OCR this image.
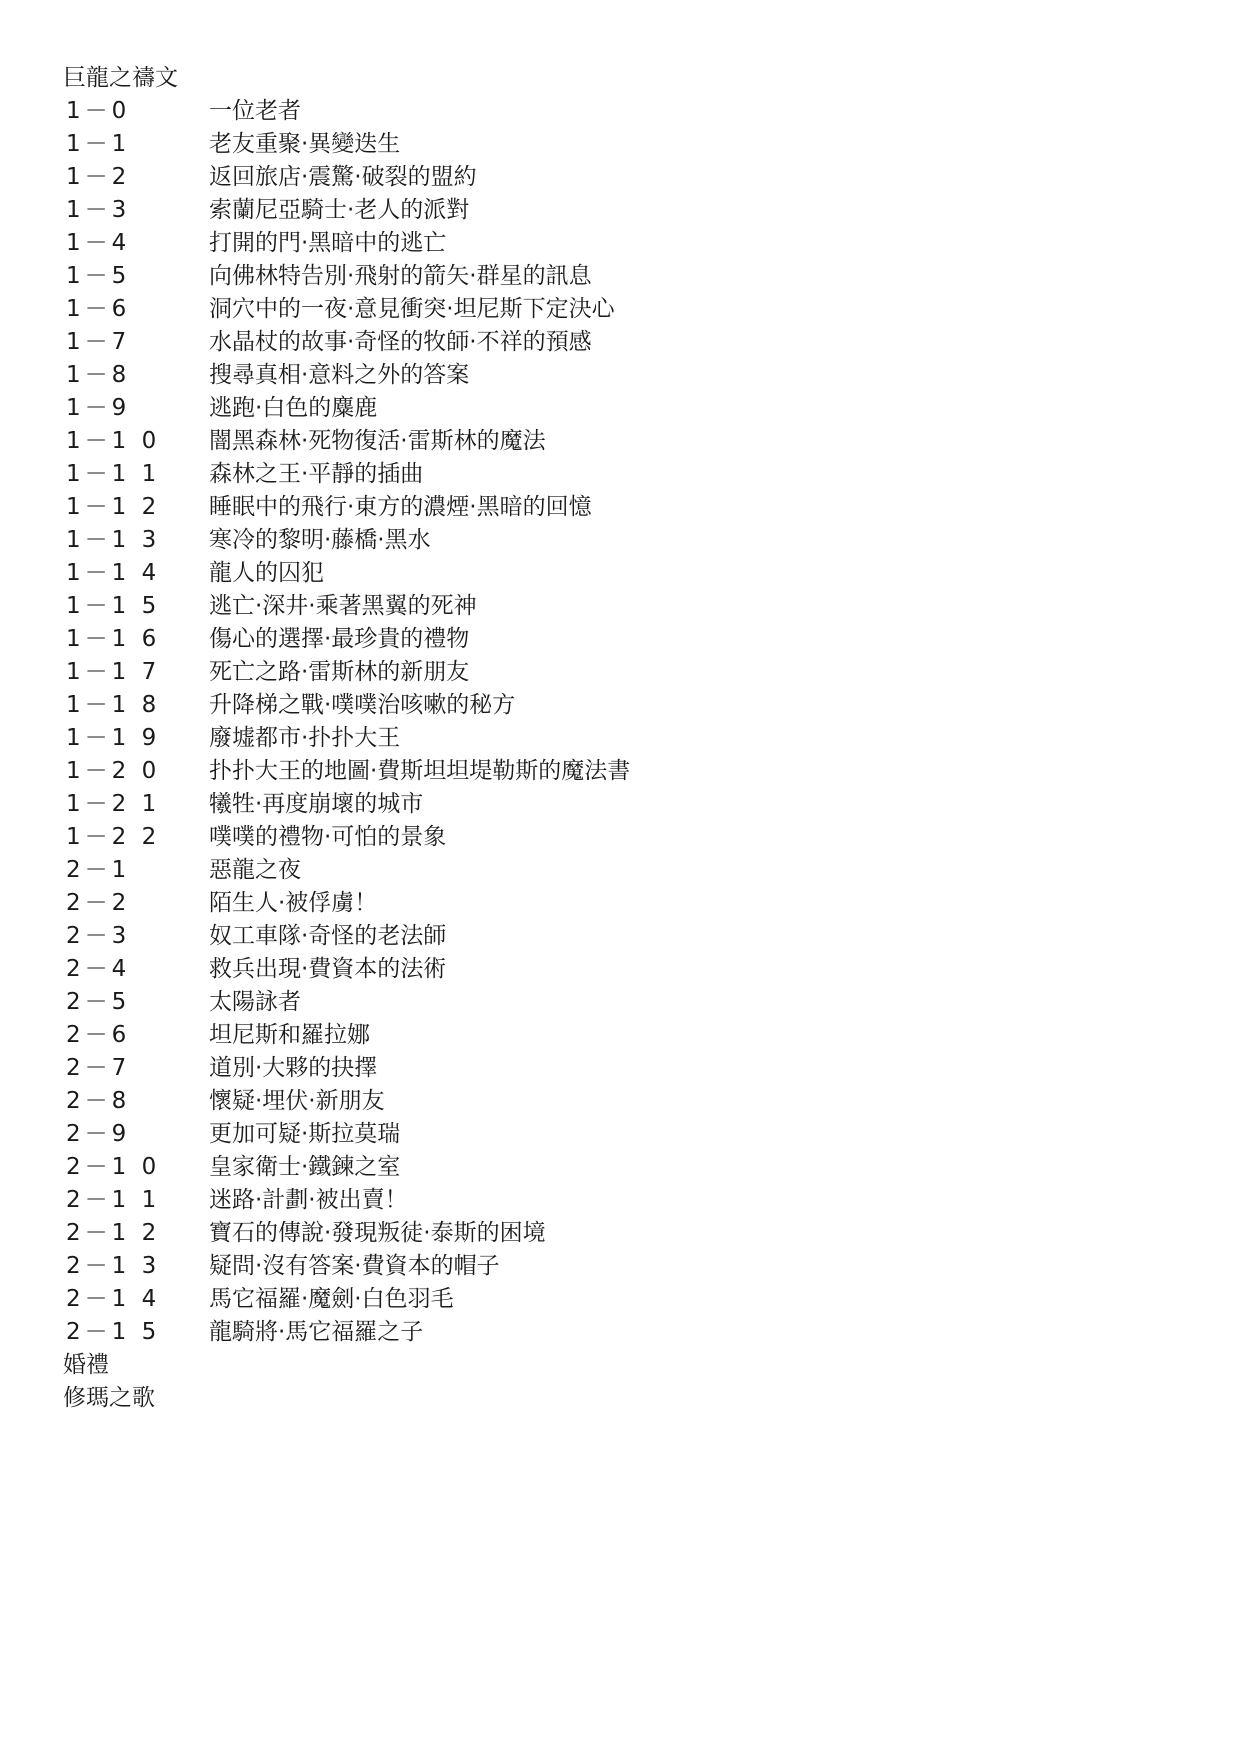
巨龍之禱文
1－0	一位老者
1－1	老友重聚·異變迭生
1－2	返回旅店·震驚·破裂的盟約
1－3	索蘭尼亞騎士·老人的派對
1－4	打開的門·黑暗中的逃亡
1－5	向佛林特告別·飛射的箭矢·群星的訊息
1－6	洞穴中的一夜·意見衝突·坦尼斯下定決心
1－7	水晶杖的故事·奇怪的牧師·不祥的預感
1－8	搜尋真相·意料之外的答案
1－9	逃跑·白色的麋鹿
1－1 0	闇黑森林·死物復活·雷斯林的魔法
1－1 1	森林之王·平靜的插曲
1－1 2	睡眠中的飛行·東方的濃煙·黑暗的回憶
1－1 3	寒冷的黎明·藤橋·黑水
1－1 4	龍人的囚犯
1－1 5	逃亡·深井·乘著黑翼的死神
1－1 6	傷心的選擇·最珍貴的禮物
1－1 7	死亡之路·雷斯林的新朋友
1－1 8	升降梯之戰·噗噗治咳嗽的秘方
1－1 9	廢墟都市·扑扑大王
1－2 0	扑扑大王的地圖·費斯坦坦堤勒斯的魔法書
1－2 1	犧牲·再度崩壞的城市
1－2 2	噗噗的禮物·可怕的景象
2－1	惡龍之夜
2－2	陌生人·被俘虜！
2－3	奴工車隊·奇怪的老法師
2－4	救兵出現·費資本的法術
2－5	太陽詠者
2－6	坦尼斯和羅拉娜
2－7	道別·大夥的抉擇
2－8	懷疑·埋伏·新朋友
2－9	更加可疑·斯拉莫瑞
2－1 0	皇家衛士·鐵鍊之室
2－1 1	迷路·計劃·被出賣！
2－1 2	寶石的傳說·發現叛徒·泰斯的困境
2－1 3	疑問·沒有答案·費資本的帽子
2－1 4	馬它福羅·魔劍·白色羽毛
2－1 5	龍騎將·馬它福羅之子
婚禮
修瑪之歌
